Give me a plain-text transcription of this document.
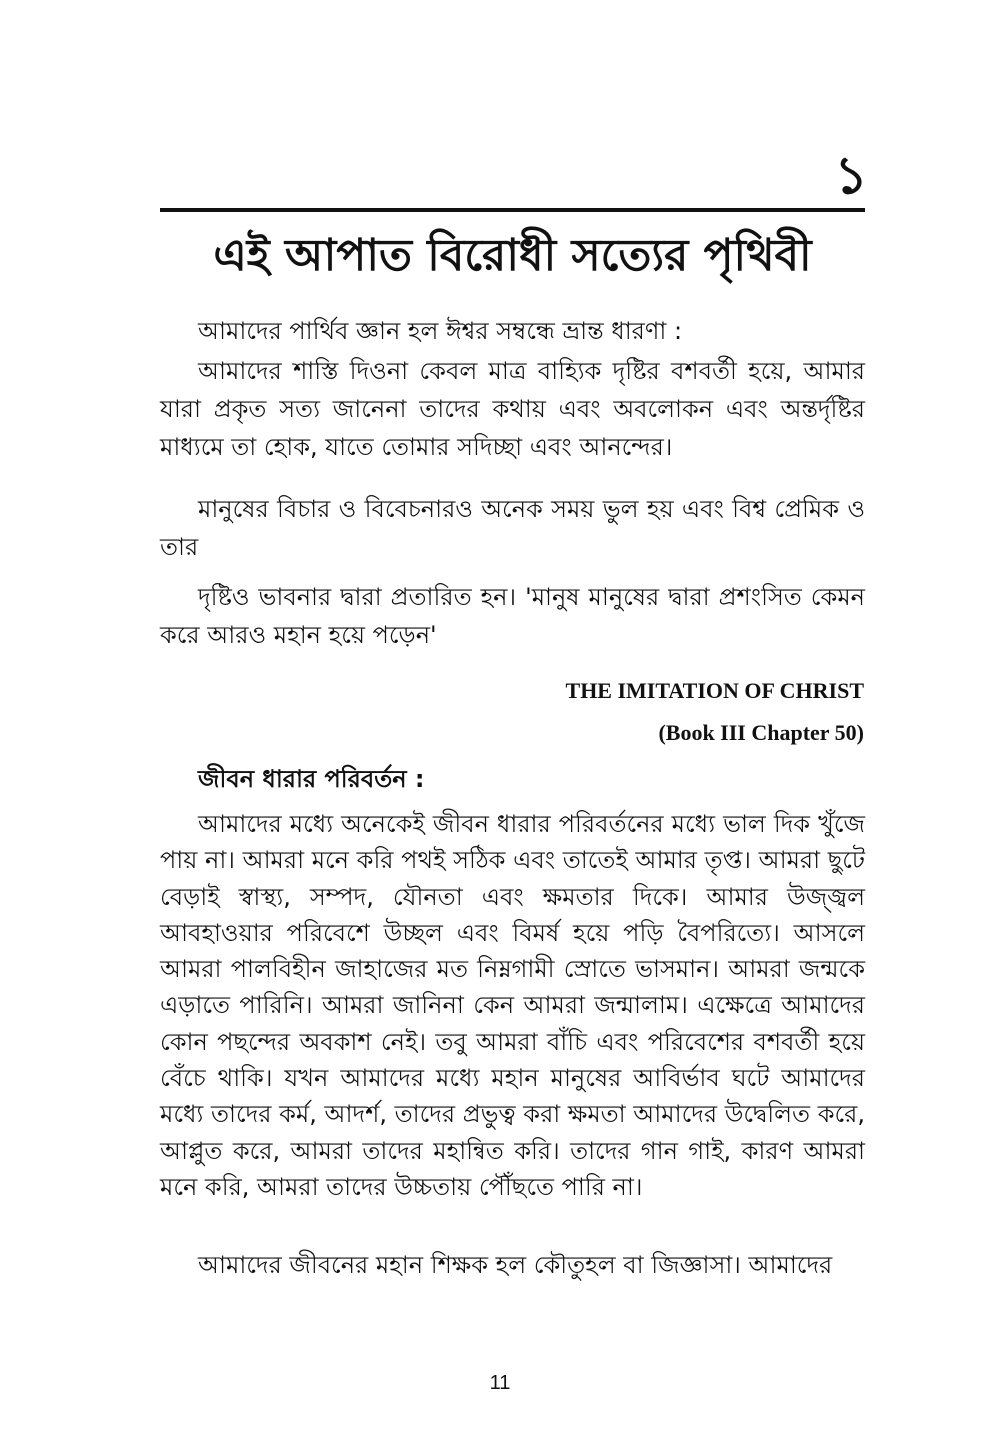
১
এই আপাত বিরোধী সত্যের পৃথিবী
আমাদের পার্থিব জ্ঞান হল ঈশ্বর সম্বন্ধে ভ্রান্ত ধারণা :
আমাদের শাস্তি দিওনা কেবল মাত্র বাহ্যিক দৃষ্টির বশবর্তী হয়ে, আমার যারা প্রকৃত সত্য জানেনা তাদের কথায় এবং অবলোকন এবং অন্তর্দৃষ্টির মাধ্যমে তা হোক, যাতে তোমার সদিচ্ছা এবং আনন্দের।
মানুষের বিচার ও বিবেচনারও অনেক সময় ভুল হয় এবং বিশ্ব প্রেমিক ও তার
দৃষ্টিও ভাবনার দ্বারা প্রতারিত হন। 'মানুষ মানুষের দ্বারা প্রশংসিত কেমন করে আরও মহান হয়ে পড়েন'
THE IMITATION OF CHRIST
(Book III Chapter 50)
জীবন ধারার পরিবর্তন :
আমাদের মধ্যে অনেকেই জীবন ধারার পরিবর্তনের মধ্যে ভাল দিক খুঁজে পায় না। আমরা মনে করি পথই সঠিক এবং তাতেই আমার তৃপ্ত। আমরা ছুটে বেড়াই স্বাস্থ্য, সম্পদ, যৌনতা এবং ক্ষমতার দিকে। আমার উজ্জ্বল আবহাওয়ার পরিবেশে উচ্ছল এবং বিমর্ষ হয়ে পড়ি বৈপরিত্যে। আসলে আমরা পালবিহীন জাহাজের মত নিম্নগামী স্রোতে ভাসমান। আমরা জন্মকে এড়াতে পারিনি। আমরা জানিনা কেন আমরা জন্মালাম। এক্ষেত্রে আমাদের কোন পছন্দের অবকাশ নেই। তবু আমরা বাঁচি এবং পরিবেশের বশবর্তী হয়ে বেঁচে থাকি। যখন আমাদের মধ্যে মহান মানুষের আবির্ভাব ঘটে আমাদের মধ্যে তাদের কর্ম, আদর্শ, তাদের প্রভুত্ব করা ক্ষমতা আমাদের উদ্বেলিত করে, আপ্লুত করে, আমরা তাদের মহান্বিত করি। তাদের গান গাই, কারণ আমরা মনে করি, আমরা তাদের উচ্চতায় পৌঁছতে পারি না।
আমাদের জীবনের মহান শিক্ষক হল কৌতুহল বা জিজ্ঞাসা। আমাদের
11
